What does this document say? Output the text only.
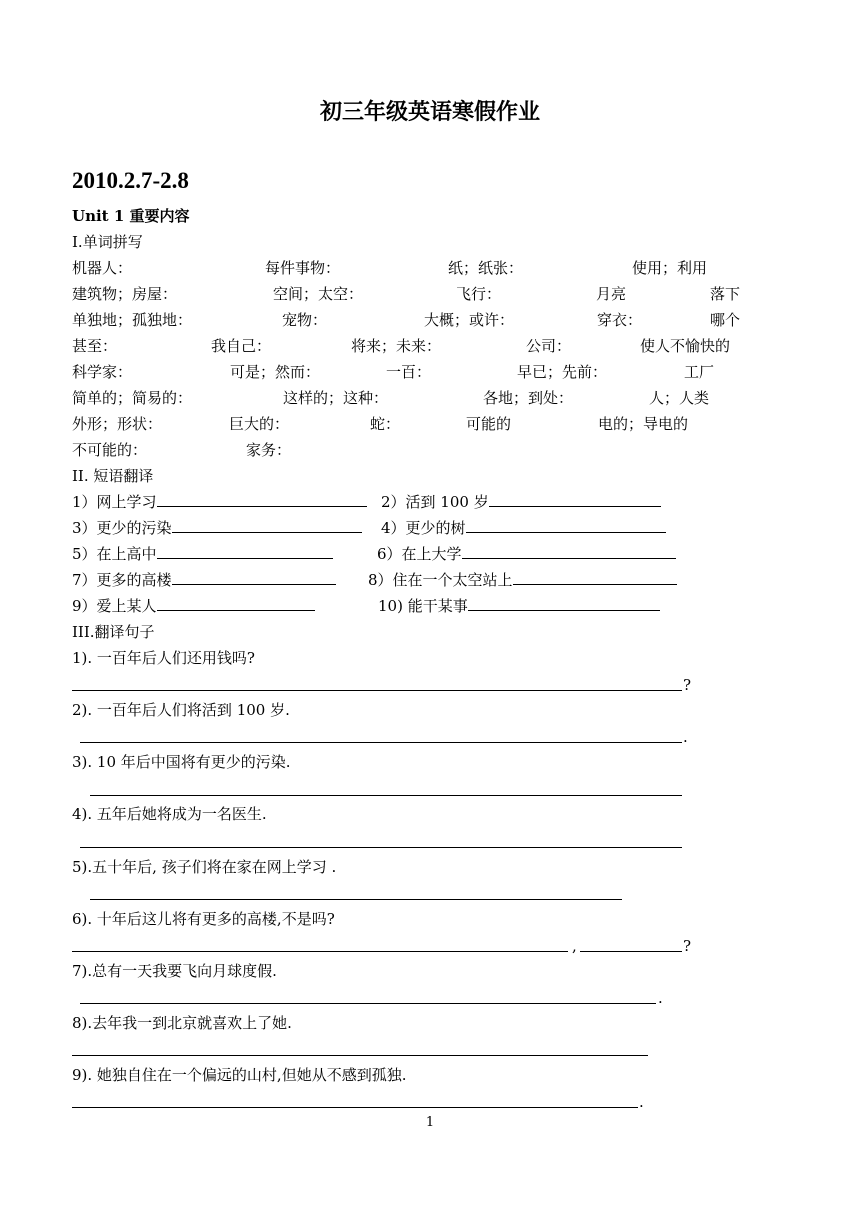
初三年级英语寒假作业
2010.2.7-2.8
Unit 1 重要内容
I.单词拼写
机器人：	每件事物：	纸；纸张：	使用；利用
建筑物；房屋：	空间；太空：	飞行：	月亮	落下
单独地；孤独地：	宠物：	大概；或许：	穿衣：	哪个
甚至：	我自己：	将来；未来：	公司：	使人不愉快的
科学家：	可是；然而：	一百：	早已；先前：	工厂
简单的；简易的：	这样的；这种：	各地；到处：	人；人类
外形；形状：	巨大的：	蛇：	可能的	电的；导电的
不可能的：	家务：
II. 短语翻译
1）网上学习	2）活到 100 岁
3）更少的污染	4）更少的树
5）在上高中	6）在上大学
7）更多的高楼	8）住在一个太空站上
9）爱上某人	10) 能干某事
III.翻译句子
1). 一百年后人们还用钱吗?
?
2). 一百年后人们将活到 100 岁.
.
3). 10 年后中国将有更少的污染.
4). 五年后她将成为一名医生.
5).五十年后, 孩子们将在家在网上学习 .
6). 十年后这儿将有更多的高楼,不是吗?
,	?
7).总有一天我要飞向月球度假.
.
8).去年我一到北京就喜欢上了她.
9). 她独自住在一个偏远的山村,但她从不感到孤独.
.
1
